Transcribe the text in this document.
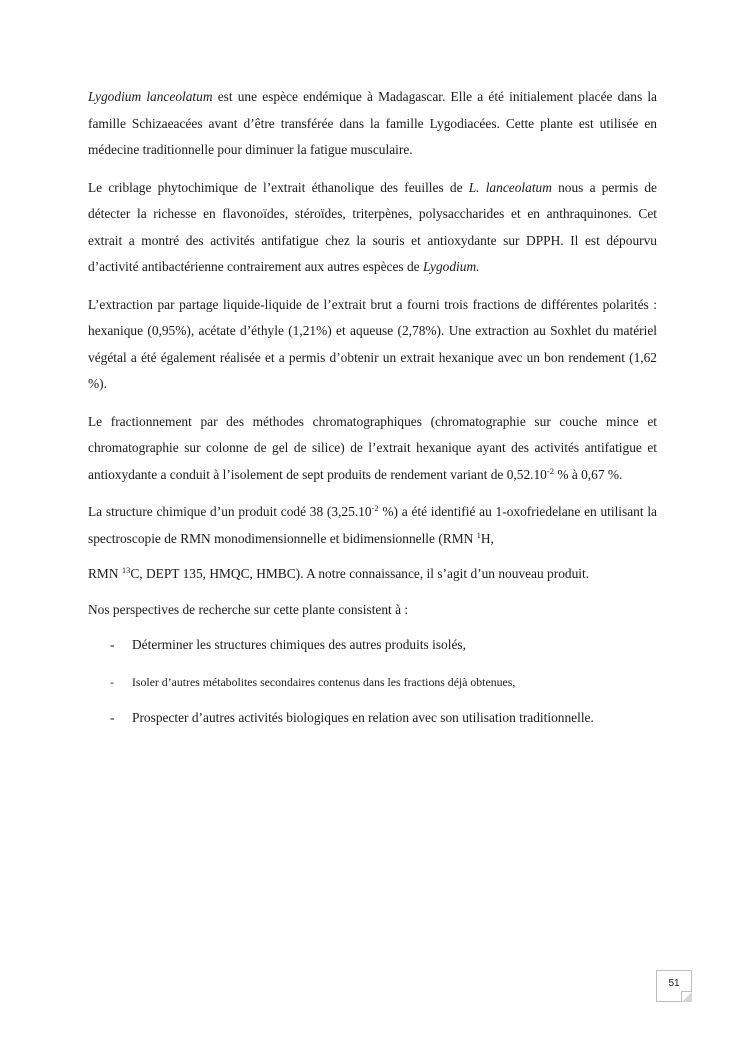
Lygodium lanceolatum est une espèce endémique à Madagascar. Elle a été initialement placée dans la famille Schizaeacées avant d’être transférée dans la famille Lygodiacées. Cette plante est utilisée en médecine traditionnelle pour diminuer la fatigue musculaire.

Le criblage phytochimique de l’extrait éthanolique des feuilles de L. lanceolatum nous a permis de détecter la richesse en flavonoïdes, stéroïdes, triterpènes, polysaccharides et en anthraquinones. Cet extrait a montré des activités antifatigue chez la souris et antioxydante sur DPPH. Il est dépourvu d’activité antibactérienne contrairement aux autres espèces de Lygodium.

L’extraction par partage liquide-liquide de l’extrait brut a fourni trois fractions de différentes polarités : hexanique (0,95%), acétate d’éthyle (1,21%) et aqueuse (2,78%). Une extraction au Soxhlet du matériel végétal a été également réalisée et a permis d’obtenir un extrait hexanique avec un bon rendement (1,62 %).

Le fractionnement par des méthodes chromatographiques (chromatographie sur couche mince et chromatographie sur colonne de gel de silice) de l’extrait hexanique ayant des activités antifatigue et antioxydante a conduit à l’isolement de sept produits de rendement variant de $0,52.10^{-2}$ % à 0,67 %.

La structure chimique d’un produit codé 38 ($3,25.10^{-2}$ %) a été identifié au 1-oxofriedelane en utilisant la spectroscopie de RMN monodimensionnelle et bidimensionnelle (RMN $^1$H,

RMN $^{13}$C, DEPT 135, HMQC, HMBC). A notre connaissance, il s’agit d’un nouveau produit.

Nos perspectives de recherche sur cette plante consistent à :

- Déterminer les structures chimiques des autres produits isolés,
- Isoler d’autres métabolites secondaires contenus dans les fractions déjà obtenues,
- Prospecter d’autres activités biologiques en relation avec son utilisation traditionnelle.
51
